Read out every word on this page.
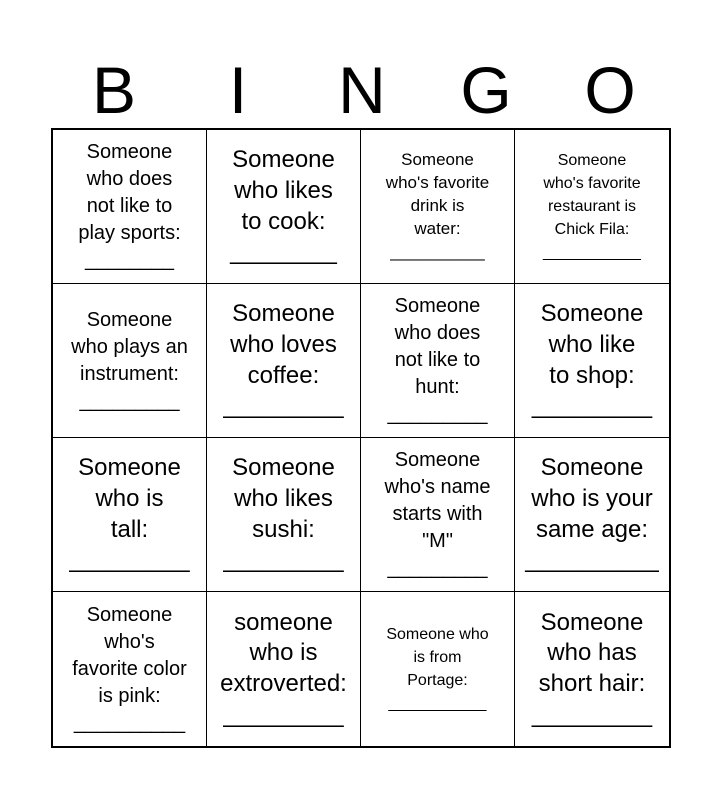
B	I	N	G	O
Someone
who does
not like to
play sports:
________
Someone
who likes
to cook:
________
Someone
who's favorite
drink is
water:
__________
Someone
who's favorite
restaurant is
Chick Fila:
___________
Someone
who plays an
instrument:
_________
Someone
who loves
coffee:
_________
Someone
who does
not like to
hunt:
_________
Someone
who like
to shop:
_________
Someone
who is
tall:
_________
Someone
who likes
sushi:
_________
Someone
who's name
starts with
"M"
_________
Someone
who is your
same age:
__________
Someone
who's
favorite color
is pink:
__________
someone
who is
extroverted:
_________
Someone who
is from
Portage:
___________
Someone
who has
short hair:
_________
